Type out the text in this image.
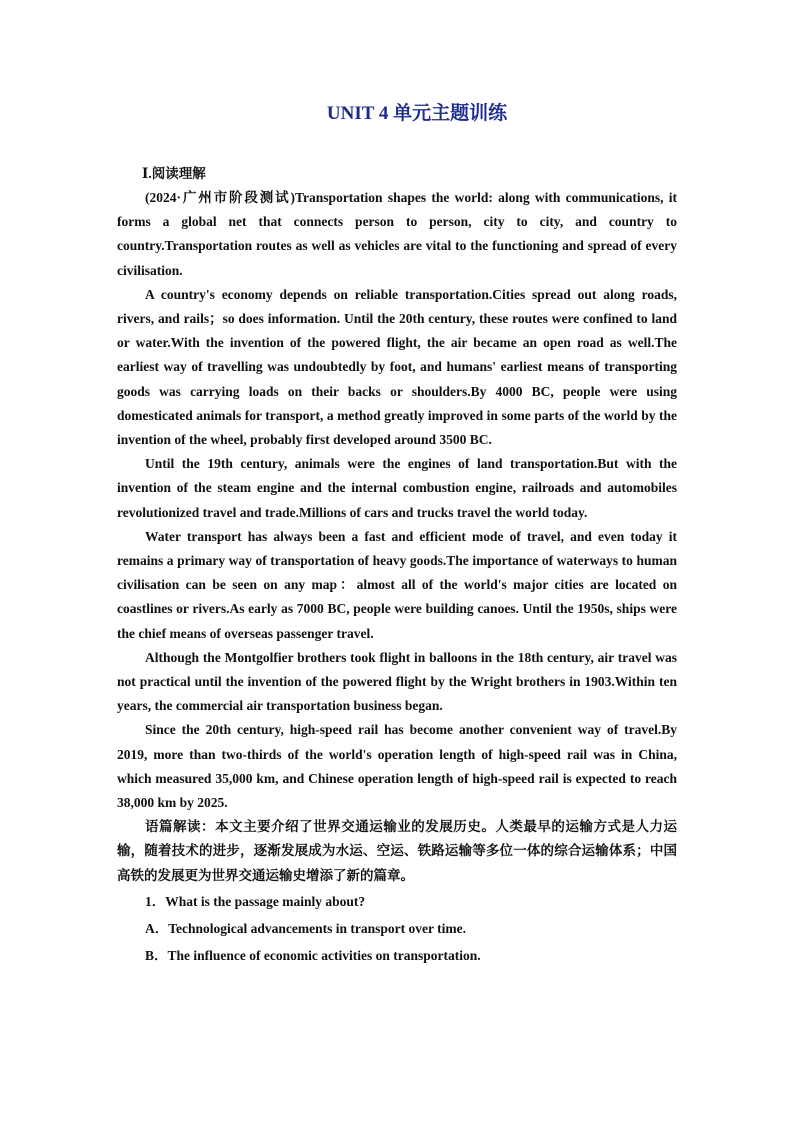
UNIT 4 单元主题训练
Ⅰ.阅读理解

(2024·广州市阶段测试)Transportation shapes the world: along with communications, it forms a global net that connects person to person, city to city, and country to country.Transportation routes as well as vehicles are vital to the functioning and spread of every civilisation.

A country's economy depends on reliable transportation.Cities spread out along roads, rivers, and rails；so does information. Until the 20th century, these routes were confined to land or water.With the invention of the powered flight, the air became an open road as well.The earliest way of travelling was undoubtedly by foot, and humans' earliest means of transporting goods was carrying loads on their backs or shoulders.By 4000 BC, people were using domesticated animals for transport, a method greatly improved in some parts of the world by the invention of the wheel, probably first developed around 3500 BC.

Until the 19th century, animals were the engines of land transportation.But with the invention of the steam engine and the internal combustion engine, railroads and automobiles revolutionized travel and trade.Millions of cars and trucks travel the world today.

Water transport has always been a fast and efficient mode of travel, and even today it remains a primary way of transportation of heavy goods.The importance of waterways to human civilisation can be seen on any map：almost all of the world's major cities are located on coastlines or rivers.As early as 7000 BC, people were building canoes. Until the 1950s, ships were the chief means of overseas passenger travel.

Although the Montgolfier brothers took flight in balloons in the 18th century, air travel was not practical until the invention of the powered flight by the Wright brothers in 1903.Within ten years, the commercial air transportation business began.

Since the 20th century, high-speed rail has become another convenient way of travel.By 2019, more than two-thirds of the world's operation length of high-speed rail was in China, which measured 35,000 km, and Chinese operation length of high-speed rail is expected to reach 38,000 km by 2025.

语篇解读：本文主要介绍了世界交通运输业的发展历史。人类最早的运输方式是人力运输，随着技术的进步，逐渐发展成为水运、空运、铁路运输等多位一体的综合运输体系；中国高铁的发展更为世界交通运输史增添了新的篇章。

1．What is the passage mainly about?

A．Technological advancements in transport over time.

B．The influence of economic activities on transportation.
